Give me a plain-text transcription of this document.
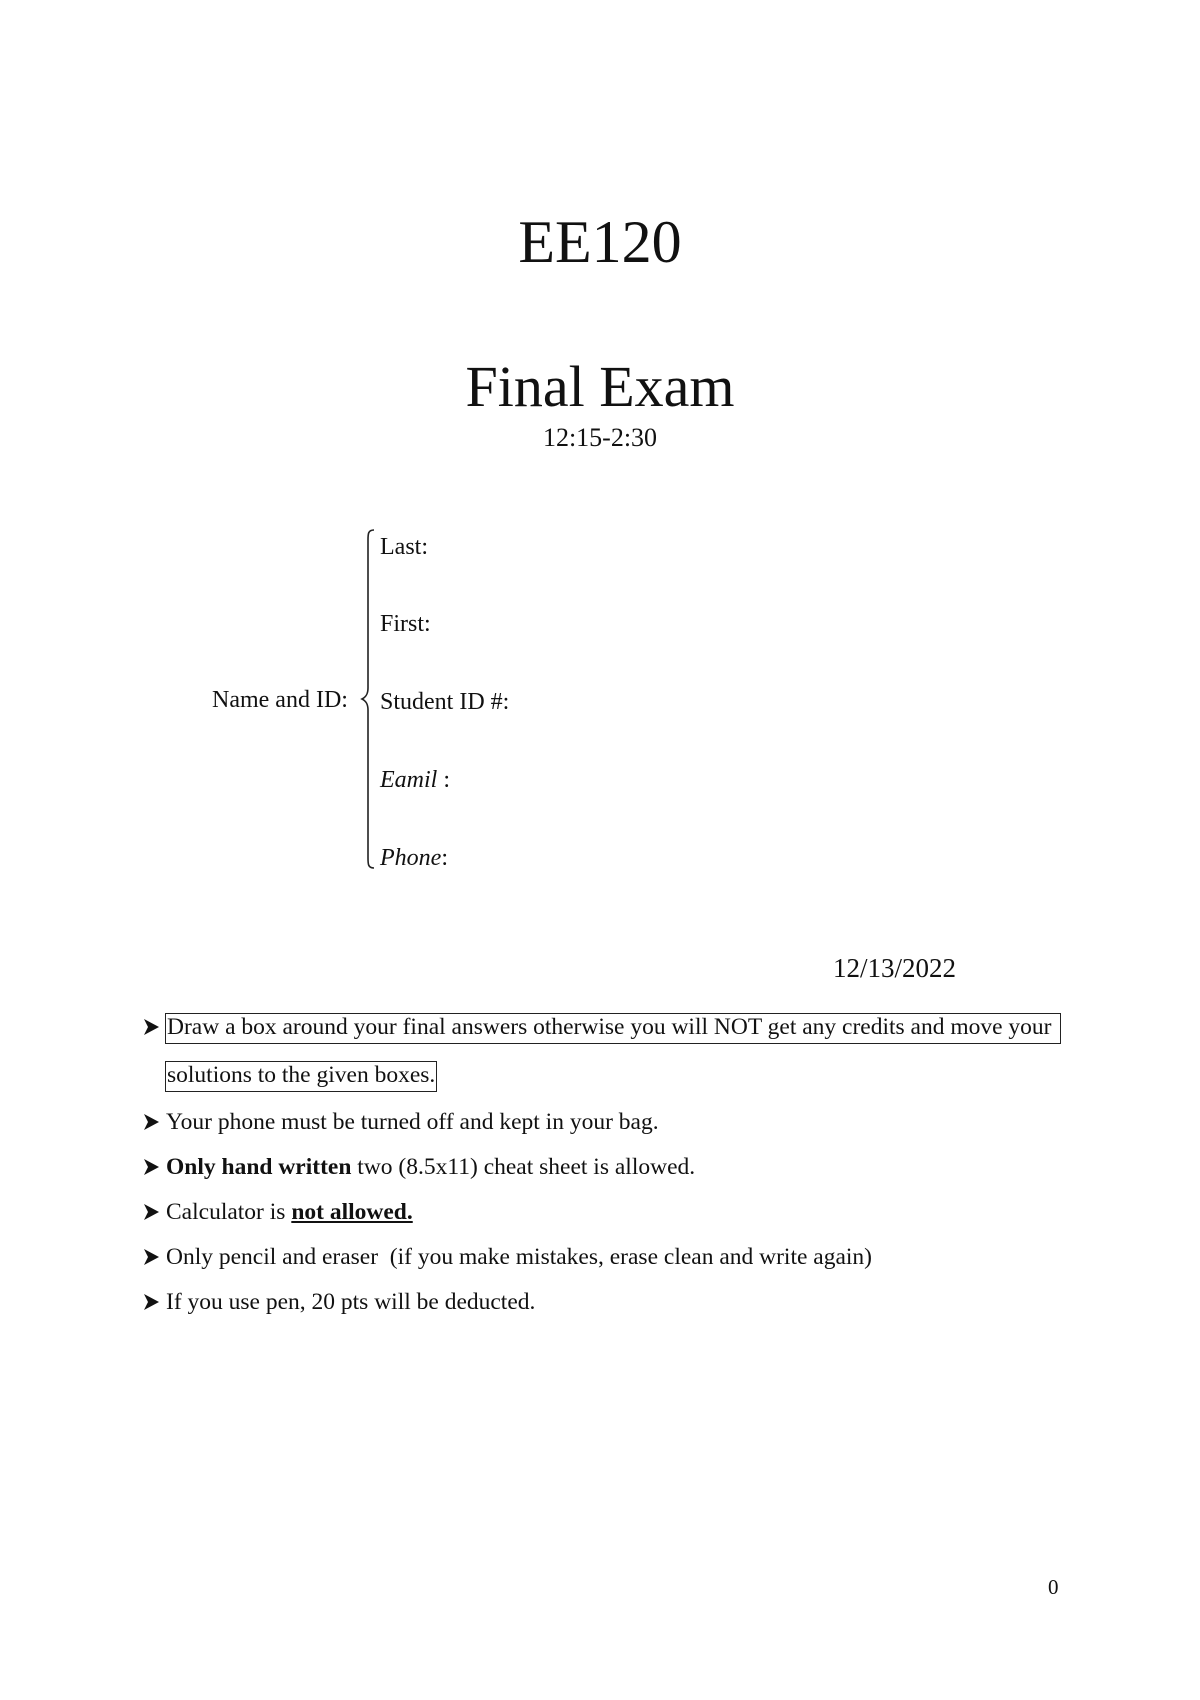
EE120
Final Exam
12:15-2:30
Name and ID:
Last:
First:
Student ID #:
Eamil :
Phone:
12/13/2022
Draw a box around your final answers otherwise you will NOT get any credits and move your
solutions to the given boxes.
Your phone must be turned off and kept in your bag.
Only hand written two (8.5x11) cheat sheet is allowed.
Calculator is not allowed.
Only pencil and eraser  (if you make mistakes, erase clean and write again)
If you use pen, 20 pts will be deducted.
0
